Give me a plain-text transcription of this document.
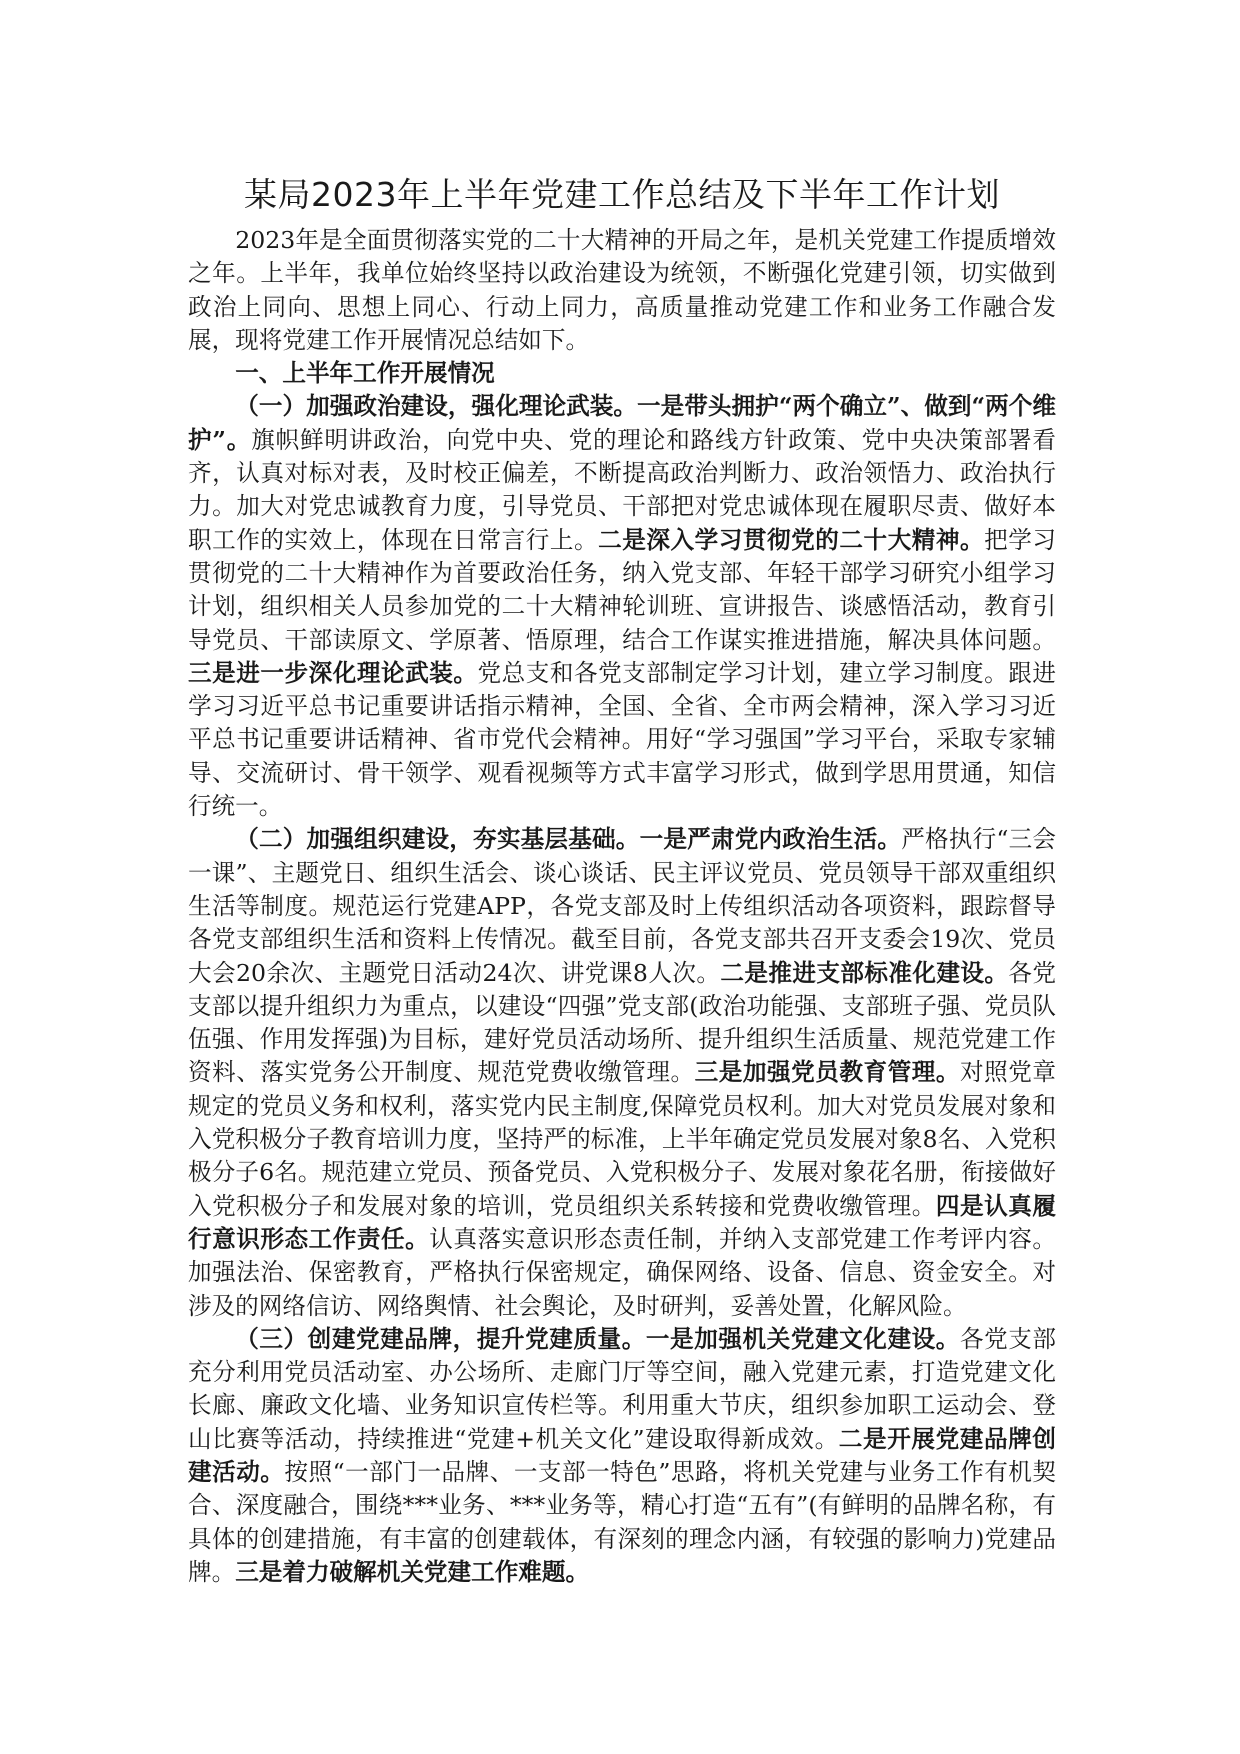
某局2023年上半年党建工作总结及下半年工作计划

2023年是全面贯彻落实党的二十大精神的开局之年，是机关党建工作提质增效之年。上半年，我单位始终坚持以政治建设为统领，不断强化党建引领，切实做到政治上同向、思想上同心、行动上同力，高质量推动党建工作和业务工作融合发展，现将党建工作开展情况总结如下。

一、上半年工作开展情况

（一）加强政治建设，强化理论武装。一是带头拥护“两个确立”、做到“两个维护”。旗帜鲜明讲政治，向党中央、党的理论和路线方针政策、党中央决策部署看齐，认真对标对表，及时校正偏差，不断提高政治判断力、政治领悟力、政治执行力。加大对党忠诚教育力度，引导党员、干部把对党忠诚体现在履职尽责、做好本职工作的实效上，体现在日常言行上。二是深入学习贯彻党的二十大精神。把学习贯彻党的二十大精神作为首要政治任务，纳入党支部、年轻干部学习研究小组学习计划，组织相关人员参加党的二十大精神轮训班、宣讲报告、谈感悟活动，教育引导党员、干部读原文、学原著、悟原理，结合工作谋实推进措施，解决具体问题。三是进一步深化理论武装。党总支和各党支部制定学习计划，建立学习制度。跟进学习习近平总书记重要讲话指示精神，全国、全省、全市两会精神，深入学习习近平总书记重要讲话精神、省市党代会精神。用好“学习强国”学习平台，采取专家辅导、交流研讨、骨干领学、观看视频等方式丰富学习形式，做到学思用贯通，知信行统一。

（二）加强组织建设，夯实基层基础。一是严肃党内政治生活。严格执行“三会一课”、主题党日、组织生活会、谈心谈话、民主评议党员、党员领导干部双重组织生活等制度。规范运行党建APP，各党支部及时上传组织活动各项资料，跟踪督导各党支部组织生活和资料上传情况。截至目前，各党支部共召开支委会19次、党员大会20余次、主题党日活动24次、讲党课8人次。二是推进支部标准化建设。各党支部以提升组织力为重点，以建设“四强”党支部(政治功能强、支部班子强、党员队伍强、作用发挥强)为目标，建好党员活动场所、提升组织生活质量、规范党建工作资料、落实党务公开制度、规范党费收缴管理。三是加强党员教育管理。对照党章规定的党员义务和权利，落实党内民主制度,保障党员权利。加大对党员发展对象和入党积极分子教育培训力度，坚持严的标准，上半年确定党员发展对象8名、入党积极分子6名。规范建立党员、预备党员、入党积极分子、发展对象花名册，衔接做好入党积极分子和发展对象的培训，党员组织关系转接和党费收缴管理。四是认真履行意识形态工作责任。认真落实意识形态责任制，并纳入支部党建工作考评内容。加强法治、保密教育，严格执行保密规定，确保网络、设备、信息、资金安全。对涉及的网络信访、网络舆情、社会舆论，及时研判，妥善处置，化解风险。

（三）创建党建品牌，提升党建质量。一是加强机关党建文化建设。各党支部充分利用党员活动室、办公场所、走廊门厅等空间，融入党建元素，打造党建文化长廊、廉政文化墙、业务知识宣传栏等。利用重大节庆，组织参加职工运动会、登山比赛等活动，持续推进“党建+机关文化”建设取得新成效。二是开展党建品牌创建活动。按照“一部门一品牌、一支部一特色”思路，将机关党建与业务工作有机契合、深度融合，围绕***业务、***业务等，精心打造“五有”(有鲜明的品牌名称，有具体的创建措施，有丰富的创建载体，有深刻的理念内涵，有较强的影响力)党建品牌。三是着力破解机关党建工作难题。
